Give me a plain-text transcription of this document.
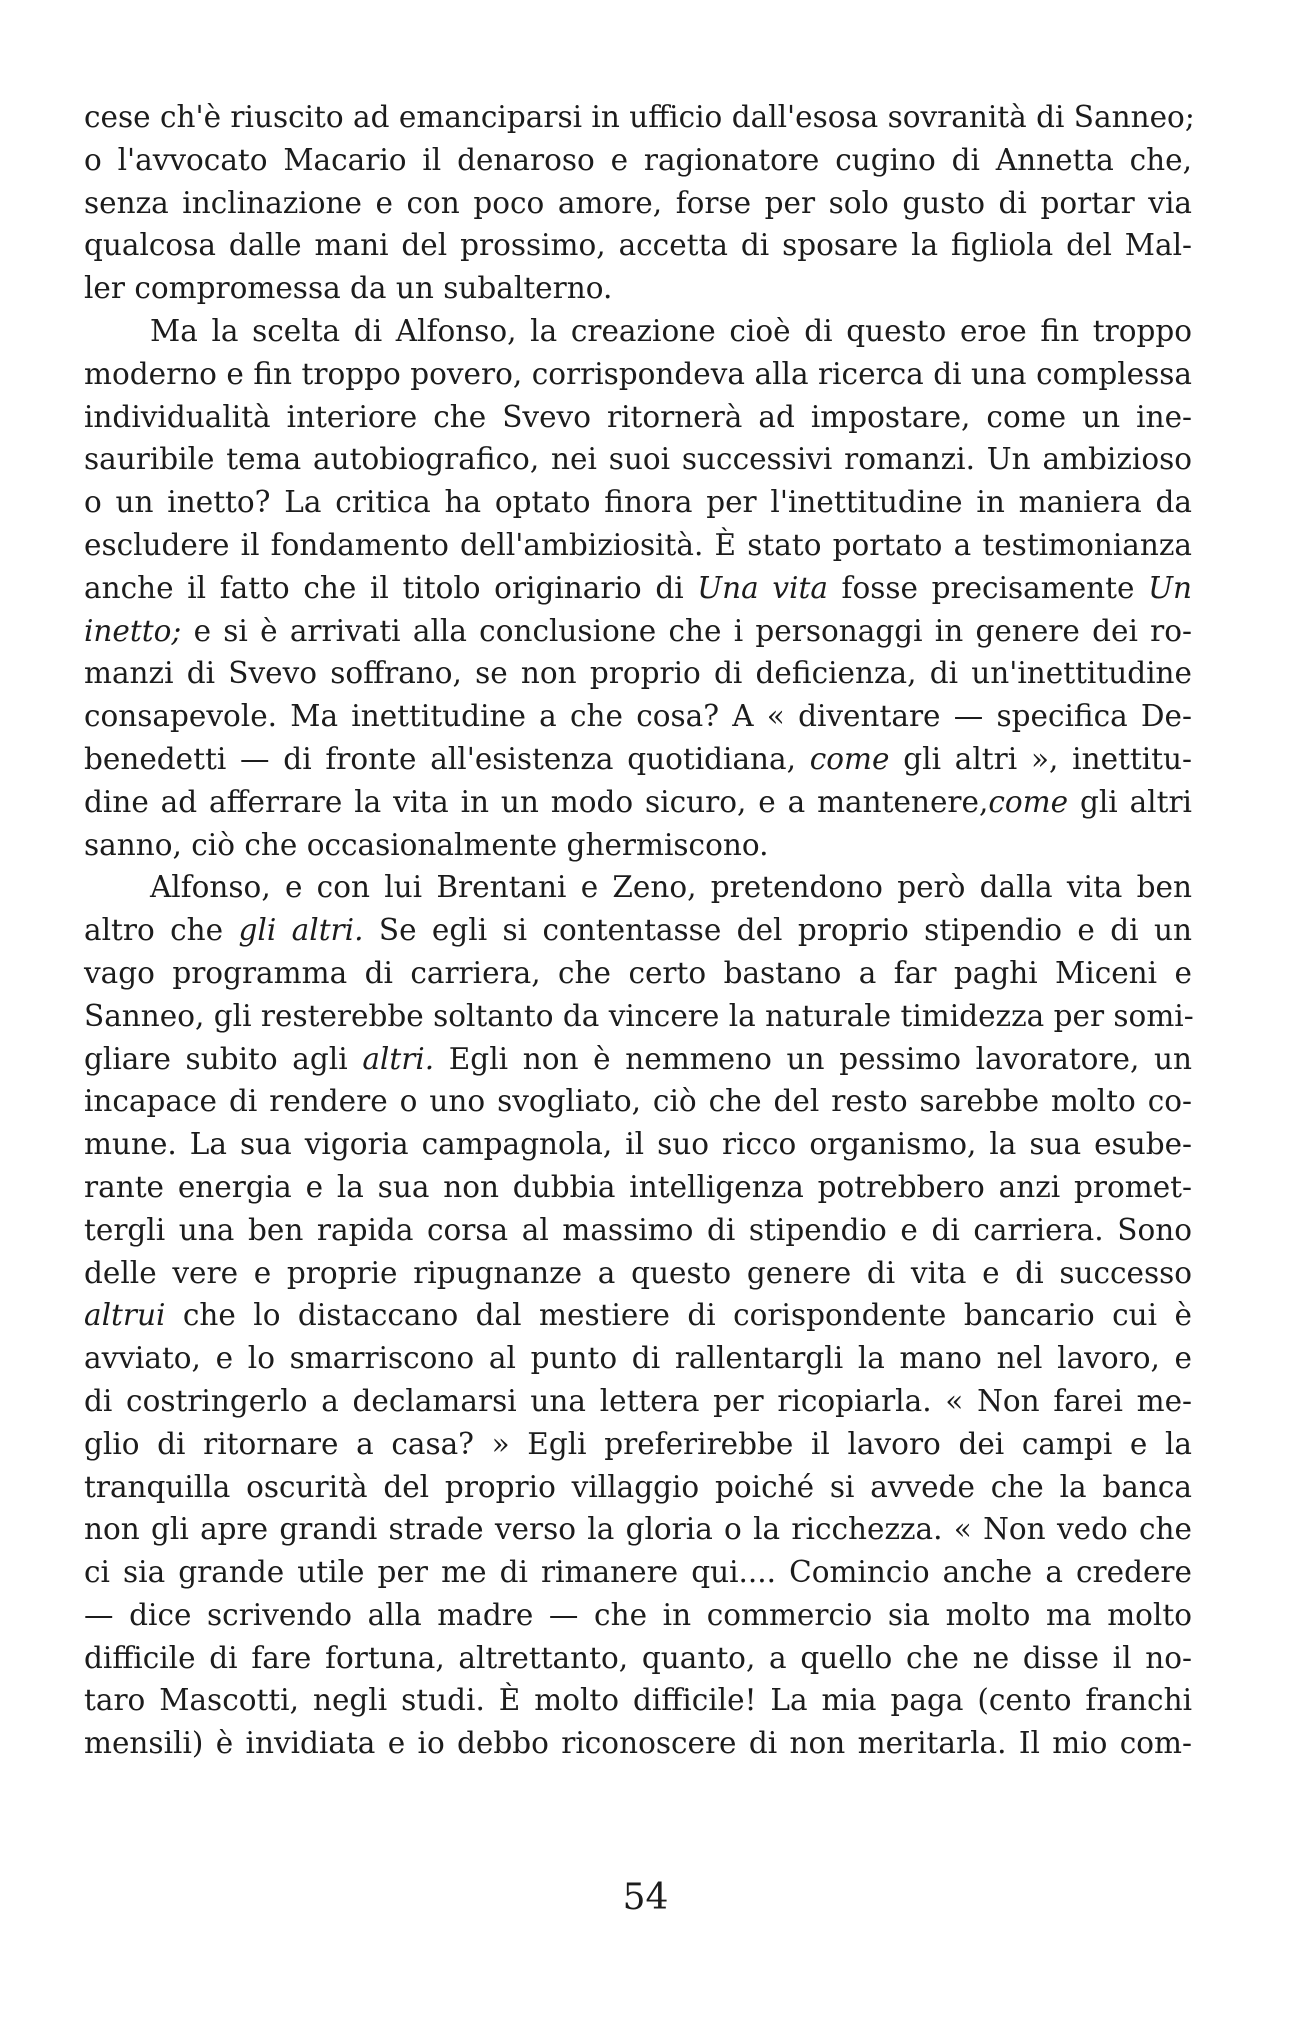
cese ch'è riuscito ad emanciparsi in ufficio dall'esosa sovranità di Sanneo;
o l'avvocato Macario il denaroso e ragionatore cugino di Annetta che,
senza inclinazione e con poco amore, forse per solo gusto di portar via
qualcosa dalle mani del prossimo, accetta di sposare la figliola del Mal-
ler compromessa da un subalterno.
Ma la scelta di Alfonso, la creazione cioè di questo eroe fin troppo
moderno e fin troppo povero, corrispondeva alla ricerca di una complessa
individualità interiore che Svevo ritornerà ad impostare, come un ine-
sauribile tema autobiografico, nei suoi successivi romanzi. Un ambizioso
o un inetto? La critica ha optato finora per l'inettitudine in maniera da
escludere il fondamento dell'ambiziosità. È stato portato a testimonianza
anche il fatto che il titolo originario di Una vita fosse precisamente Un
inetto; e si è arrivati alla conclusione che i personaggi in genere dei ro-
manzi di Svevo soffrano, se non proprio di deficienza, di un'inettitudine
consapevole. Ma inettitudine a che cosa? A « diventare — specifica De-
benedetti — di fronte all'esistenza quotidiana, come gli altri », inettitu-
dine ad afferrare la vita in un modo sicuro, e a mantenere,come gli altri
sanno, ciò che occasionalmente ghermiscono.
Alfonso, e con lui Brentani e Zeno, pretendono però dalla vita ben
altro che gli altri. Se egli si contentasse del proprio stipendio e di un
vago programma di carriera, che certo bastano a far paghi Miceni e
Sanneo, gli resterebbe soltanto da vincere la naturale timidezza per somi-
gliare subito agli altri. Egli non è nemmeno un pessimo lavoratore, un
incapace di rendere o uno svogliato, ciò che del resto sarebbe molto co-
mune. La sua vigoria campagnola, il suo ricco organismo, la sua esube-
rante energia e la sua non dubbia intelligenza potrebbero anzi promet-
tergli una ben rapida corsa al massimo di stipendio e di carriera. Sono
delle vere e proprie ripugnanze a questo genere di vita e di successo
altrui che lo distaccano dal mestiere di corispondente bancario cui è
avviato, e lo smarriscono al punto di rallentargli la mano nel lavoro, e
di costringerlo a declamarsi una lettera per ricopiarla. « Non farei me-
glio di ritornare a casa? » Egli preferirebbe il lavoro dei campi e la
tranquilla oscurità del proprio villaggio poiché si avvede che la banca
non gli apre grandi strade verso la gloria o la ricchezza. « Non vedo che
ci sia grande utile per me di rimanere qui.... Comincio anche a credere
— dice scrivendo alla madre — che in commercio sia molto ma molto
difficile di fare fortuna, altrettanto, quanto, a quello che ne disse il no-
taro Mascotti, negli studi. È molto difficile! La mia paga (cento franchi
mensili) è invidiata e io debbo riconoscere di non meritarla. Il mio com-
54
